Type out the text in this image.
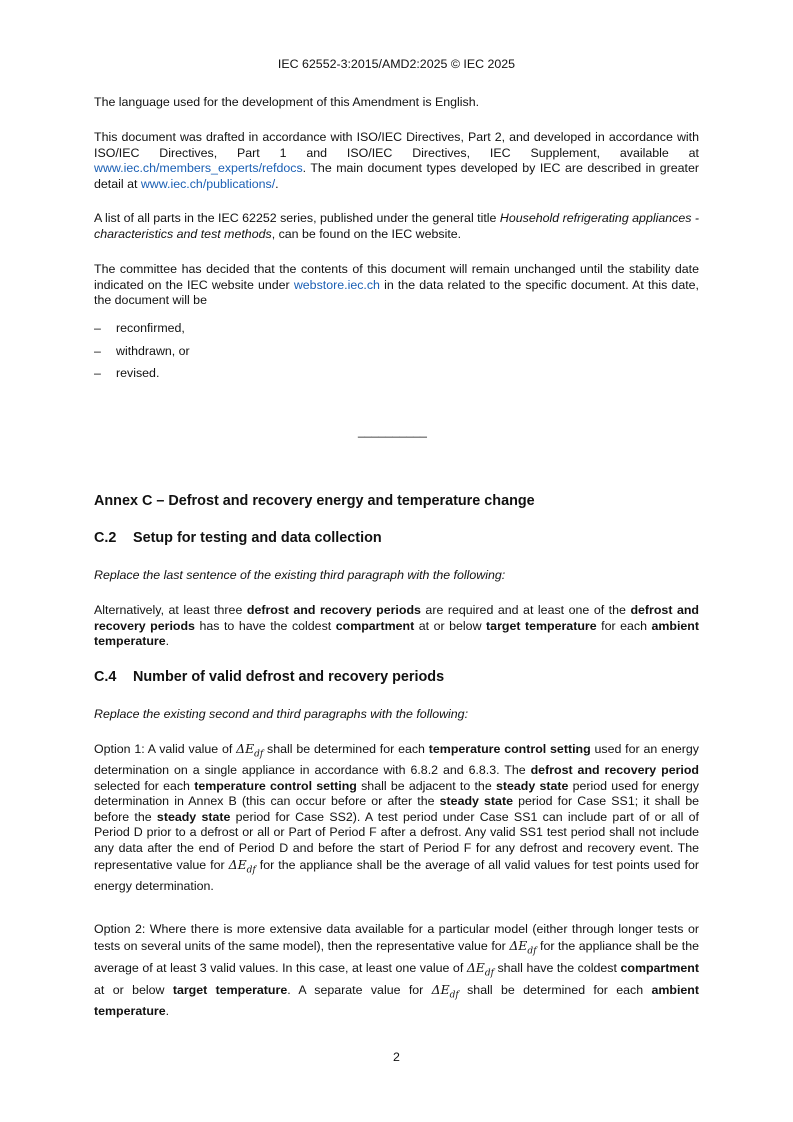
IEC 62552-3:2015/AMD2:2025 © IEC 2025

The language used for the development of this Amendment is English.

This document was drafted in accordance with ISO/IEC Directives, Part 2, and developed in accordance with ISO/IEC Directives, Part 1 and ISO/IEC Directives, IEC Supplement, available at www.iec.ch/members_experts/refdocs. The main document types developed by IEC are described in greater detail at www.iec.ch/publications/.

A list of all parts in the IEC 62252 series, published under the general title Household refrigerating appliances - characteristics and test methods, can be found on the IEC website.

The committee has decided that the contents of this document will remain unchanged until the stability date indicated on the IEC website under webstore.iec.ch in the data related to the specific document. At this date, the document will be

– reconfirmed,
– withdrawn, or
– revised.
__________
Annex C – Defrost and recovery energy and temperature change
C.2 Setup for testing and data collection

Replace the last sentence of the existing third paragraph with the following:

Alternatively, at least three defrost and recovery periods are required and at least one of the defrost and recovery periods has to have the coldest compartment at or below target temperature for each ambient temperature.

C.4 Number of valid defrost and recovery periods

Replace the existing second and third paragraphs with the following:

Option 1: A valid value of $\Delta E_{df}$ shall be determined for each temperature control setting used for an energy determination on a single appliance in accordance with 6.8.2 and 6.8.3. The defrost and recovery period selected for each temperature control setting shall be adjacent to the steady state period used for energy determination in Annex B (this can occur before or after the steady state period for Case SS1; it shall be before the steady state period for Case SS2). A test period under Case SS1 can include part of or all of Period D prior to a defrost or all or Part of Period F after a defrost. Any valid SS1 test period shall not include any data after the end of Period D and before the start of Period F for any defrost and recovery event. The representative value for $\Delta E_{df}$ for the appliance shall be the average of all valid values for test points used for energy determination.

Option 2: Where there is more extensive data available for a particular model (either through longer tests or tests on several units of the same model), then the representative value for $\Delta E_{df}$ for the appliance shall be the average of at least 3 valid values. In this case, at least one value of $\Delta E_{df}$ shall have the coldest compartment at or below target temperature. A separate value for $\Delta E_{df}$ shall be determined for each ambient temperature.

2
